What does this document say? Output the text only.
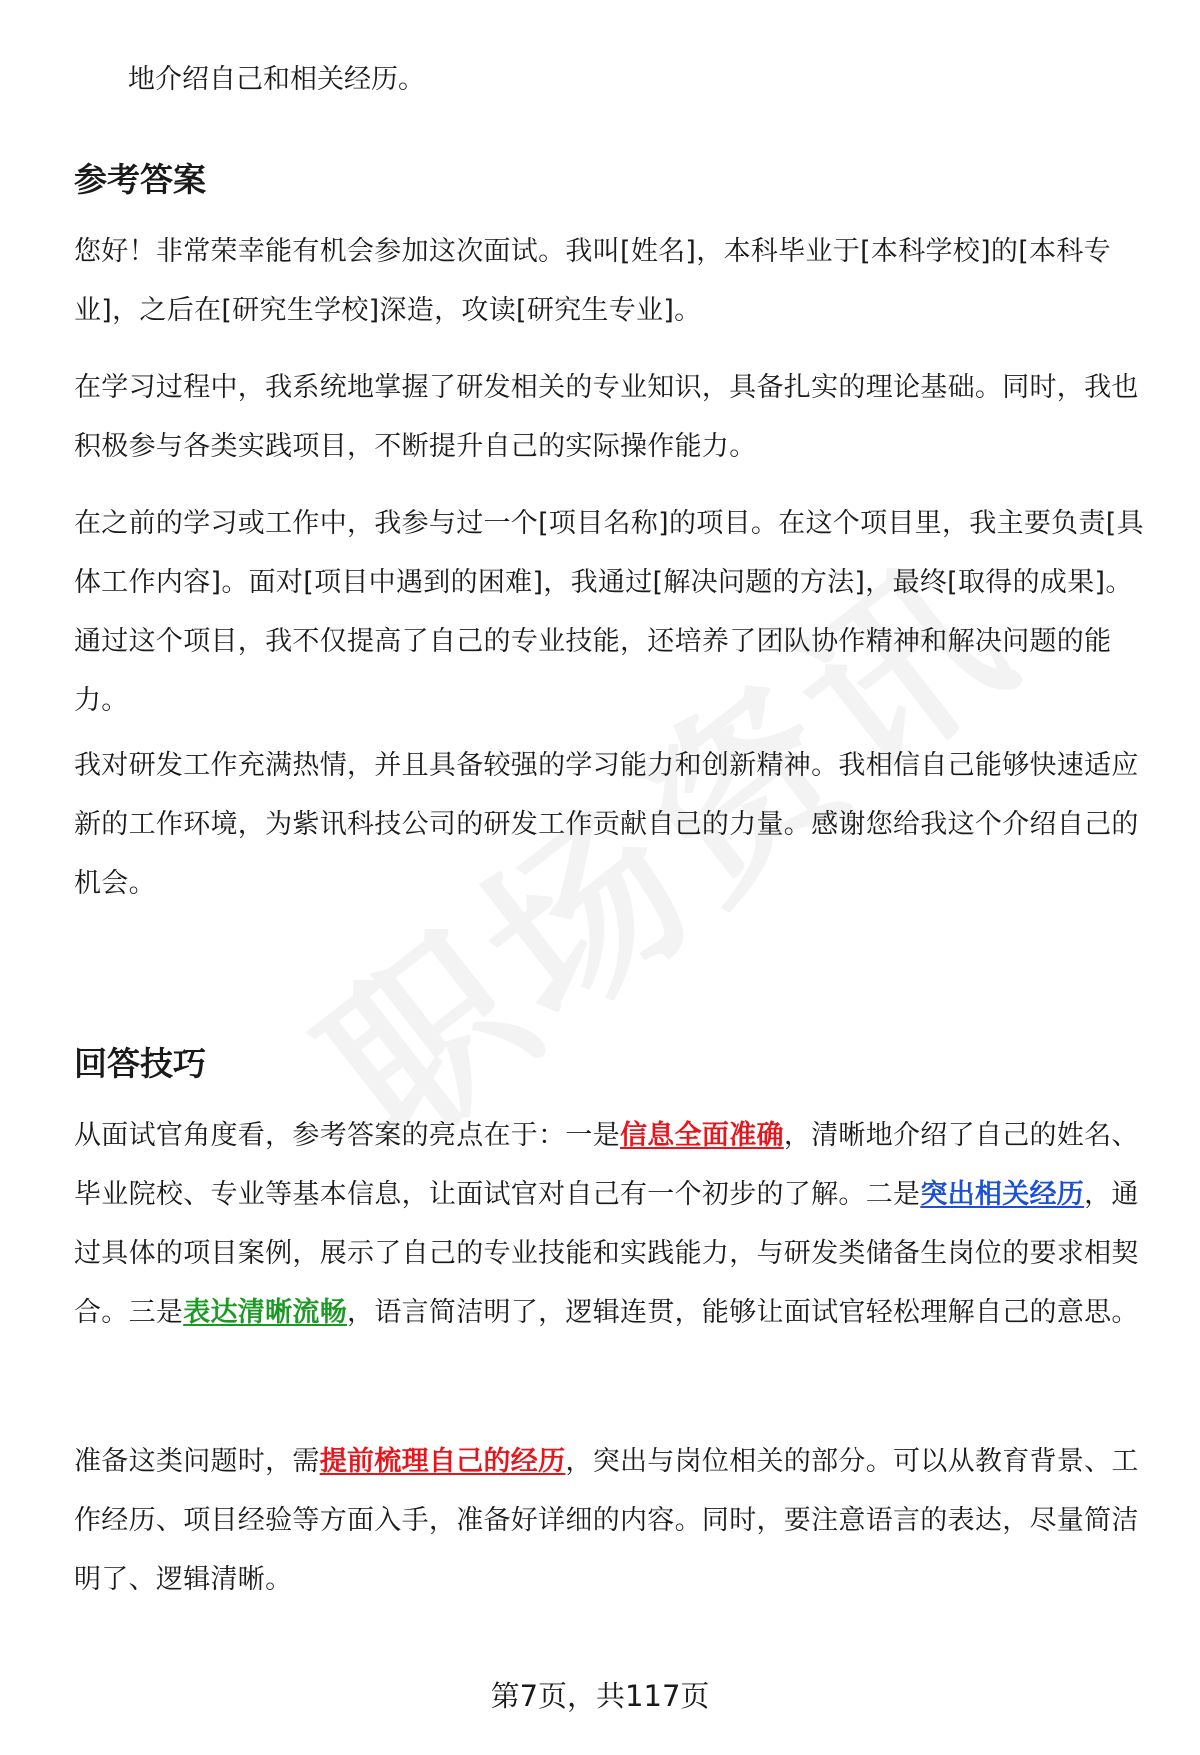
地介绍自己和相关经历。
参考答案

您好！非常荣幸能有机会参加这次面试。我叫[姓名]，本科毕业于[本科学校]的[本科专业]，之后在[研究生学校]深造，攻读[研究生专业]。

在学习过程中，我系统地掌握了研发相关的专业知识，具备扎实的理论基础。同时，我也积极参与各类实践项目，不断提升自己的实际操作能力。

在之前的学习或工作中，我参与过一个[项目名称]的项目。在这个项目里，我主要负责[具体工作内容]。面对[项目中遇到的困难]，我通过[解决问题的方法]，最终[取得的成果]。通过这个项目，我不仅提高了自己的专业技能，还培养了团队协作精神和解决问题的能力。

我对研发工作充满热情，并且具备较强的学习能力和创新精神。我相信自己能够快速适应新的工作环境，为紫讯科技公司的研发工作贡献自己的力量。感谢您给我这个介绍自己的机会。

回答技巧

从面试官角度看，参考答案的亮点在于：一是信息全面准确，清晰地介绍了自己的姓名、毕业院校、专业等基本信息，让面试官对自己有一个初步的了解。二是突出相关经历，通过具体的项目案例，展示了自己的专业技能和实践能力，与研发类储备生岗位的要求相契合。三是表达清晰流畅，语言简洁明了，逻辑连贯，能够让面试官轻松理解自己的意思。

准备这类问题时，需提前梳理自己的经历，突出与岗位相关的部分。可以从教育背景、工作经历、项目经验等方面入手，准备好详细的内容。同时，要注意语言的表达，尽量简洁明了、逻辑清晰。

第7页，共117页
